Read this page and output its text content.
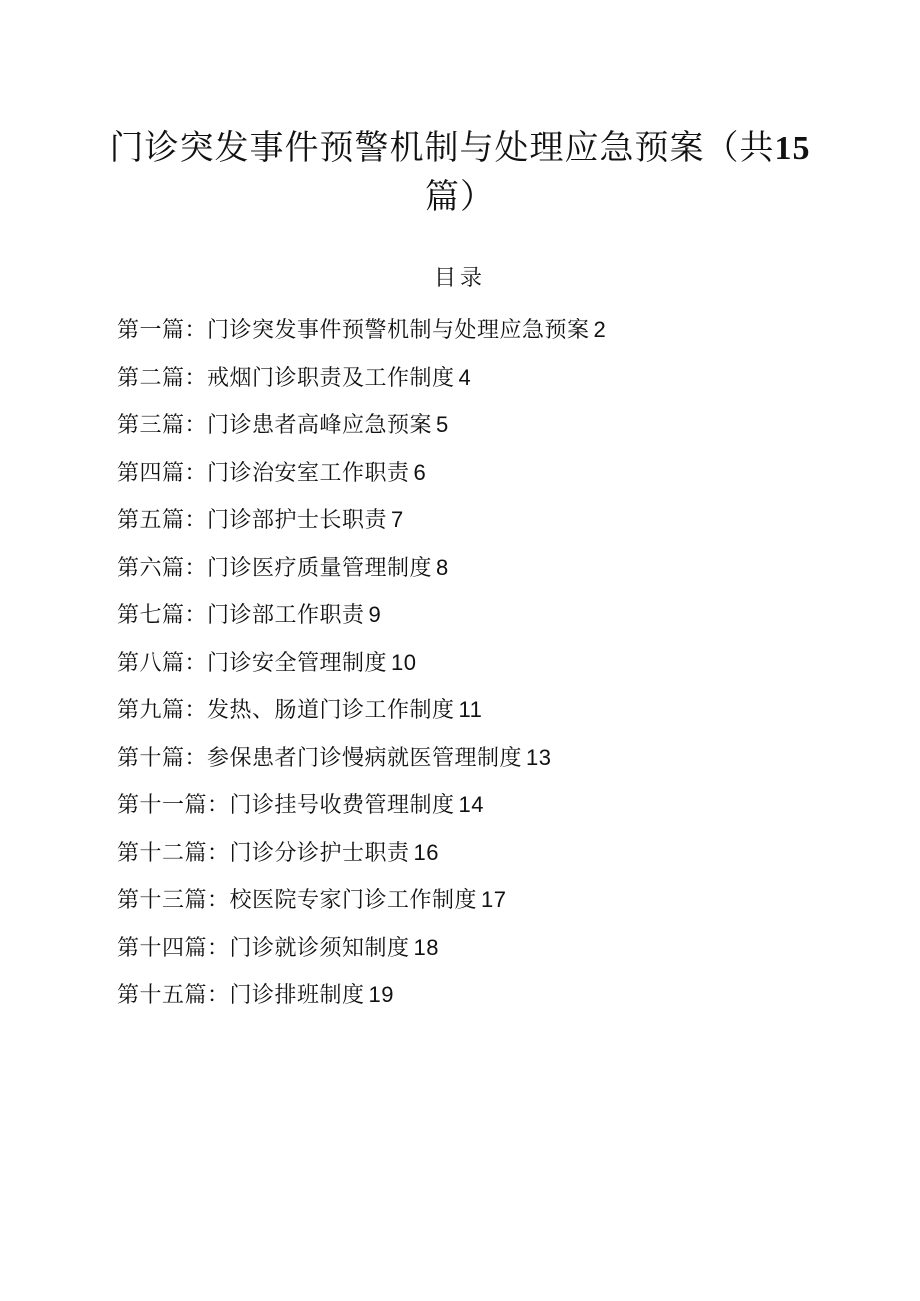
门诊突发事件预警机制与处理应急预案（共15
篇）
目录
第一篇：门诊突发事件预警机制与处理应急预案 2
第二篇：戒烟门诊职责及工作制度 4
第三篇：门诊患者高峰应急预案 5
第四篇：门诊治安室工作职责 6
第五篇：门诊部护士长职责 7
第六篇：门诊医疗质量管理制度 8
第七篇：门诊部工作职责 9
第八篇：门诊安全管理制度 10
第九篇：发热、肠道门诊工作制度 11
第十篇：参保患者门诊慢病就医管理制度 13
第十一篇：门诊挂号收费管理制度 14
第十二篇：门诊分诊护士职责 16
第十三篇：校医院专家门诊工作制度 17
第十四篇：门诊就诊须知制度 18
第十五篇：门诊排班制度 19
